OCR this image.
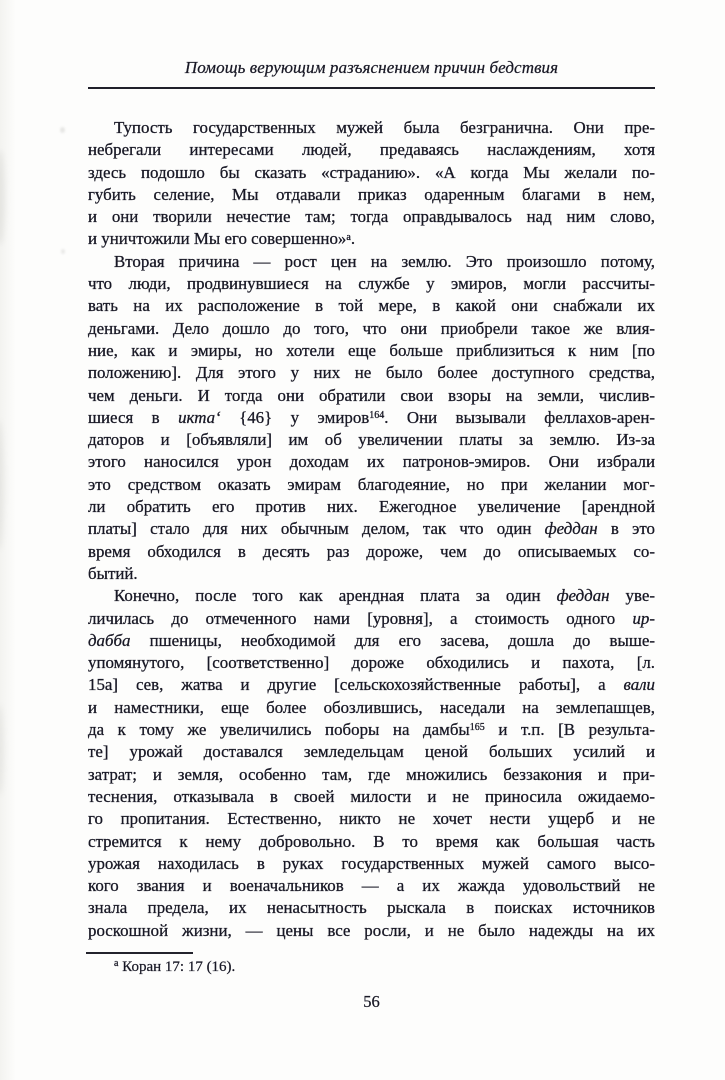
Помощь верующим разъяснением причин бедствия
Тупость государственных мужей была безгранична. Они пре-
небрегали интересами людей, предаваясь наслаждениям, хотя
здесь подошло бы сказать «страданию». «А когда Мы желали по-
губить селение, Мы отдавали приказ одаренным благами в нем,
и они творили нечестие там; тогда оправдывалось над ним слово,
и уничтожили Мы его совершенно»$^а$.
Вторая причина — рост цен на землю. Это произошло потому,
что люди, продвинувшиеся на службе у эмиров, могли рассчиты-
вать на их расположение в той мере, в какой они снабжали их
деньгами. Дело дошло до того, что они приобрели такое же влия-
ние, как и эмиры, но хотели еще больше приблизиться к ним [по
положению]. Для этого у них не было более доступного средства,
чем деньги. И тогда они обратили свои взоры на земли, числив-
шиеся в икта‘ {46} у эмиров$^{164}$. Они вызывали феллахов-арен-
даторов и [объявляли] им об увеличении платы за землю. Из-за
этого наносился урон доходам их патронов-эмиров. Они избрали
это средством оказать эмирам благодеяние, но при желании мог-
ли обратить его против них. Ежегодное увеличение [арендной
платы] стало для них обычным делом, так что один феддан в это
время обходился в десять раз дороже, чем до описываемых со-
бытий.
Конечно, после того как арендная плата за один феддан уве-
личилась до отмеченного нами [уровня], а стоимость одного ир-
дабба пшеницы, необходимой для его засева, дошла до выше-
упомянутого, [соответственно] дороже обходились и пахота, [л.
15а] сев, жатва и другие [сельскохозяйственные работы], а вали
и наместники, еще более обозлившись, наседали на землепашцев,
да к тому же увеличились поборы на дамбы$^{165}$ и т.п. [В результа-
те] урожай доставался земледельцам ценой больших усилий и
затрат; и земля, особенно там, где множились беззакония и при-
теснения, отказывала в своей милости и не приносила ожидаемо-
го пропитания. Естественно, никто не хочет нести ущерб и не
стремится к нему добровольно. В то время как большая часть
урожая находилась в руках государственных мужей самого высо-
кого звания и военачальников — а их жажда удовольствий не
знала предела, их ненасытность рыскала в поисках источников
роскошной жизни, — цены все росли, и не было надежды на их
$^а$ Коран 17: 17 (16).
56
